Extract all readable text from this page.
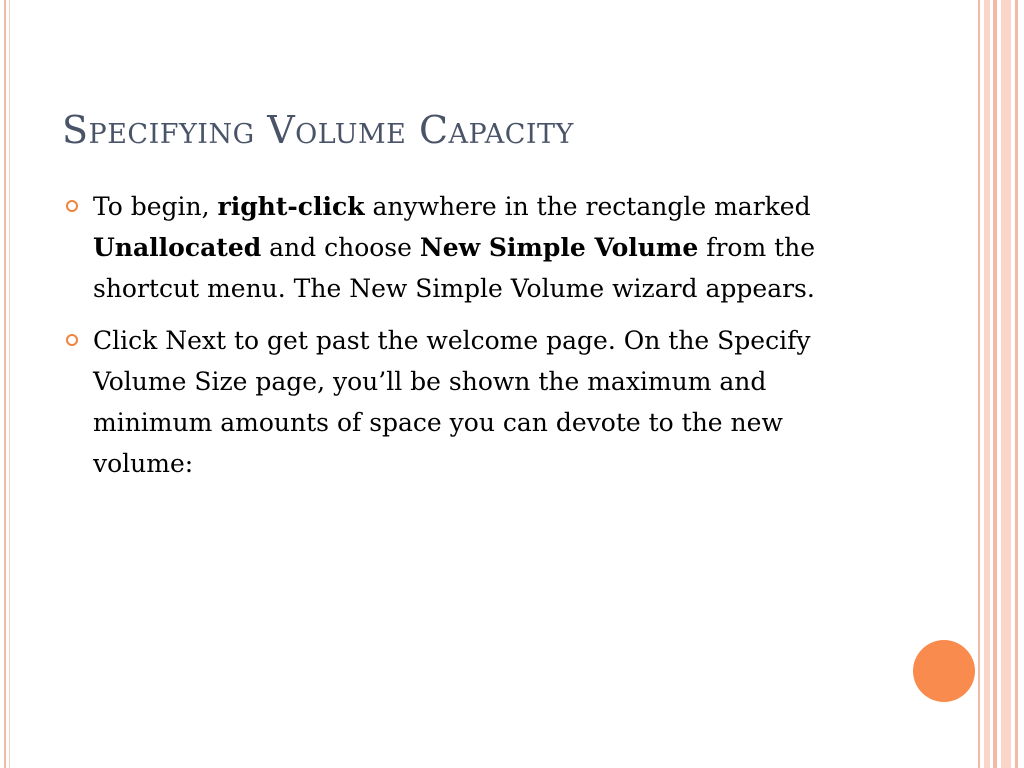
Specifying Volume Capacity
To begin, right-click anywhere in the rectangle marked Unallocated and choose New Simple Volume from the shortcut menu. The New Simple Volume wizard appears.
Click Next to get past the welcome page. On the Specify Volume Size page, you’ll be shown the maximum and minimum amounts of space you can devote to the new volume:
